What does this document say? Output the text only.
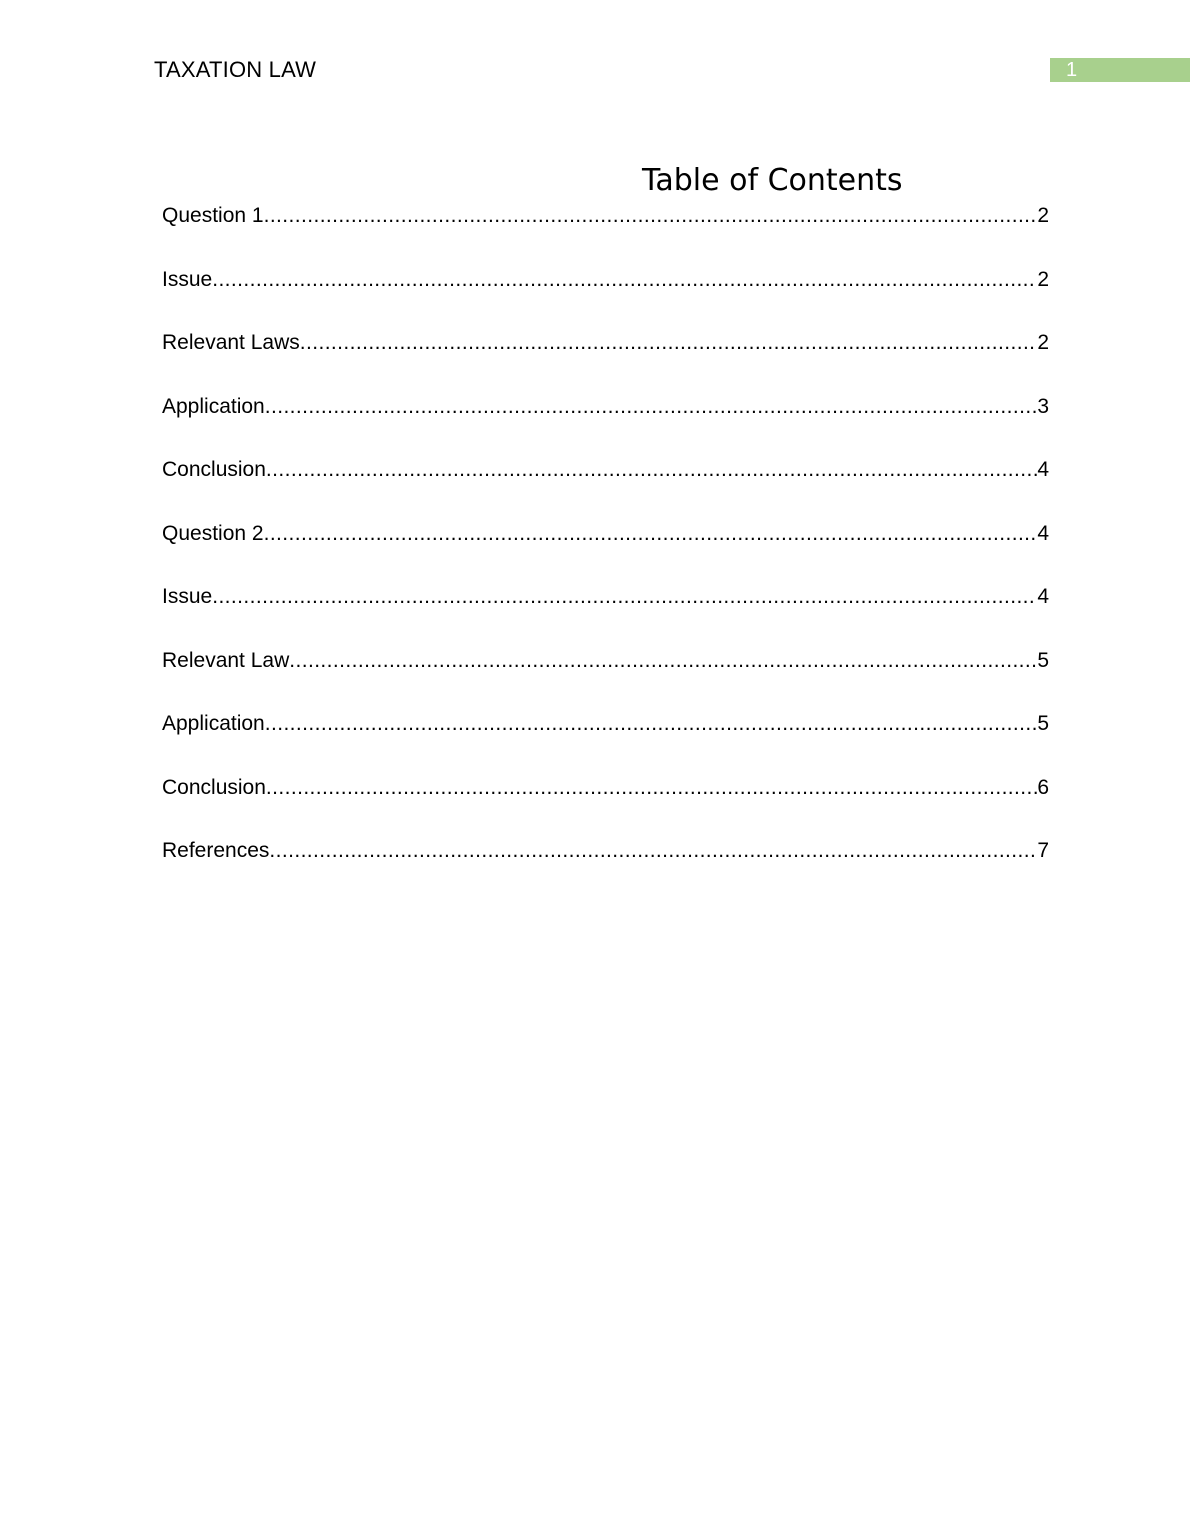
TAXATION LAW	1
Table of Contents
Question 1 .....	2
Issue .....	2
Relevant Laws .....	2
Application .....	3
Conclusion .....	4
Question 2 .....	4
Issue .....	4
Relevant Law .....	5
Application .....	5
Conclusion .....	6
References .....	7
